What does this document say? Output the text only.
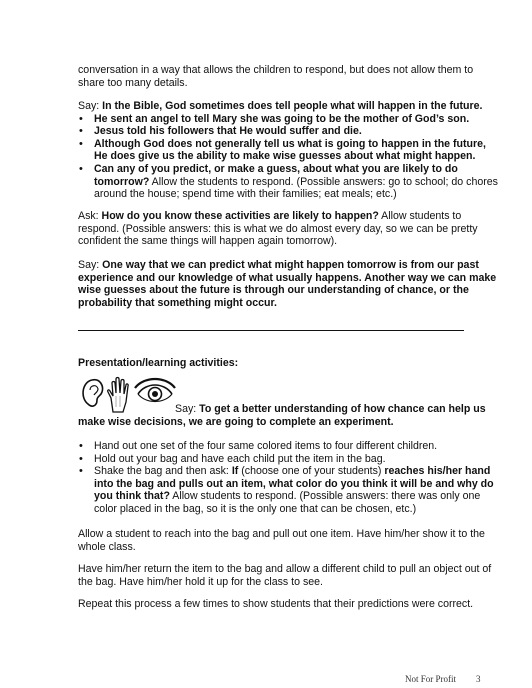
conversation in a way that allows the children to respond, but does not allow them to share too many details.

Say: In the Bible, God sometimes does tell people what will happen in the future.

• He sent an angel to tell Mary she was going to be the mother of God’s son.
• Jesus told his followers that He would suffer and die.
• Although God does not generally tell us what is going to happen in the future, He does give us the ability to make wise guesses about what might happen.
• Can any of you predict, or make a guess, about what you are likely to do tomorrow? Allow the students to respond. (Possible answers: go to school; do chores around the house; spend time with their families; eat meals; etc.)

Ask: How do you know these activities are likely to happen? Allow students to respond. (Possible answers: this is what we do almost every day, so we can be pretty confident the same things will happen again tomorrow).

Say: One way that we can predict what might happen tomorrow is from our past experience and our knowledge of what usually happens. Another way we can make wise guesses about the future is through our understanding of chance, or the probability that something might occur.

Presentation/learning activities:

Say: To get a better understanding of how chance can help us make wise decisions, we are going to complete an experiment.

• Hand out one set of the four same colored items to four different children.
• Hold out your bag and have each child put the item in the bag.
• Shake the bag and then ask: If (choose one of your students) reaches his/her hand into the bag and pulls out an item, what color do you think it will be and why do you think that? Allow students to respond. (Possible answers: there was only one color placed in the bag, so it is the only one that can be chosen, etc.)

Allow a student to reach into the bag and pull out one item. Have him/her show it to the whole class.

Have him/her return the item to the bag and allow a different child to pull an object out of the bag. Have him/her hold it up for the class to see.

Repeat this process a few times to show students that their predictions were correct.

Not For Profit 3
